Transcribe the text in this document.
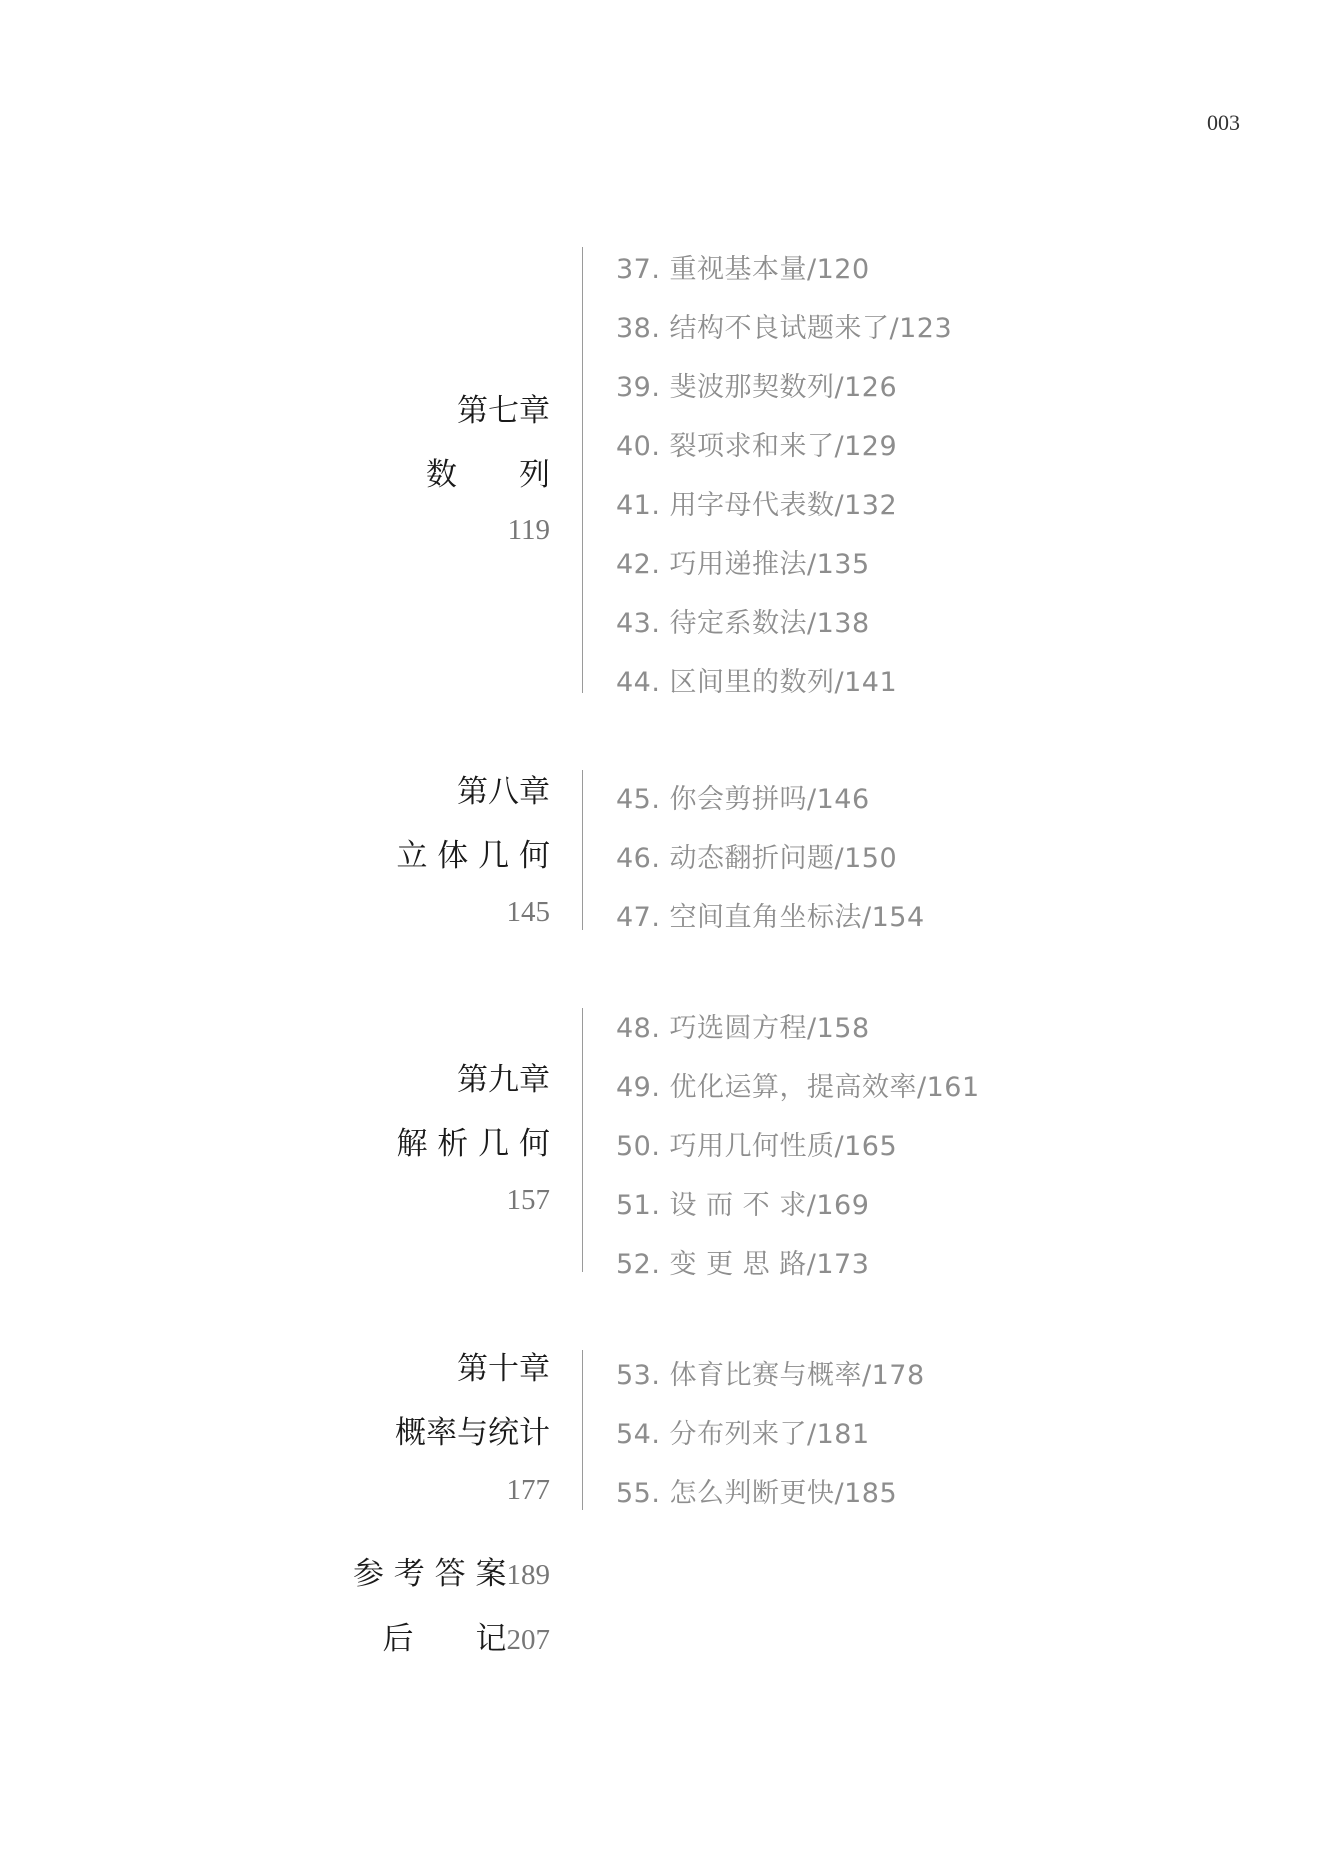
003
第七章
数　　列
119
37. 重视基本量/120
38. 结构不良试题来了/123
39. 斐波那契数列/126
40. 裂项求和来了/129
41. 用字母代表数/132
42. 巧用递推法/135
43. 待定系数法/138
44. 区间里的数列/141
第八章
立 体 几 何
145
45. 你会剪拼吗/146
46. 动态翻折问题/150
47. 空间直角坐标法/154
第九章
解 析 几 何
157
48. 巧选圆方程/158
49. 优化运算，提高效率/161
50. 巧用几何性质/165
51. 设 而 不 求/169
52. 变 更 思 路/173
第十章
概率与统计
177
53. 体育比赛与概率/178
54. 分布列来了/181
55. 怎么判断更快/185
参 考 答 案189
后　　记207
